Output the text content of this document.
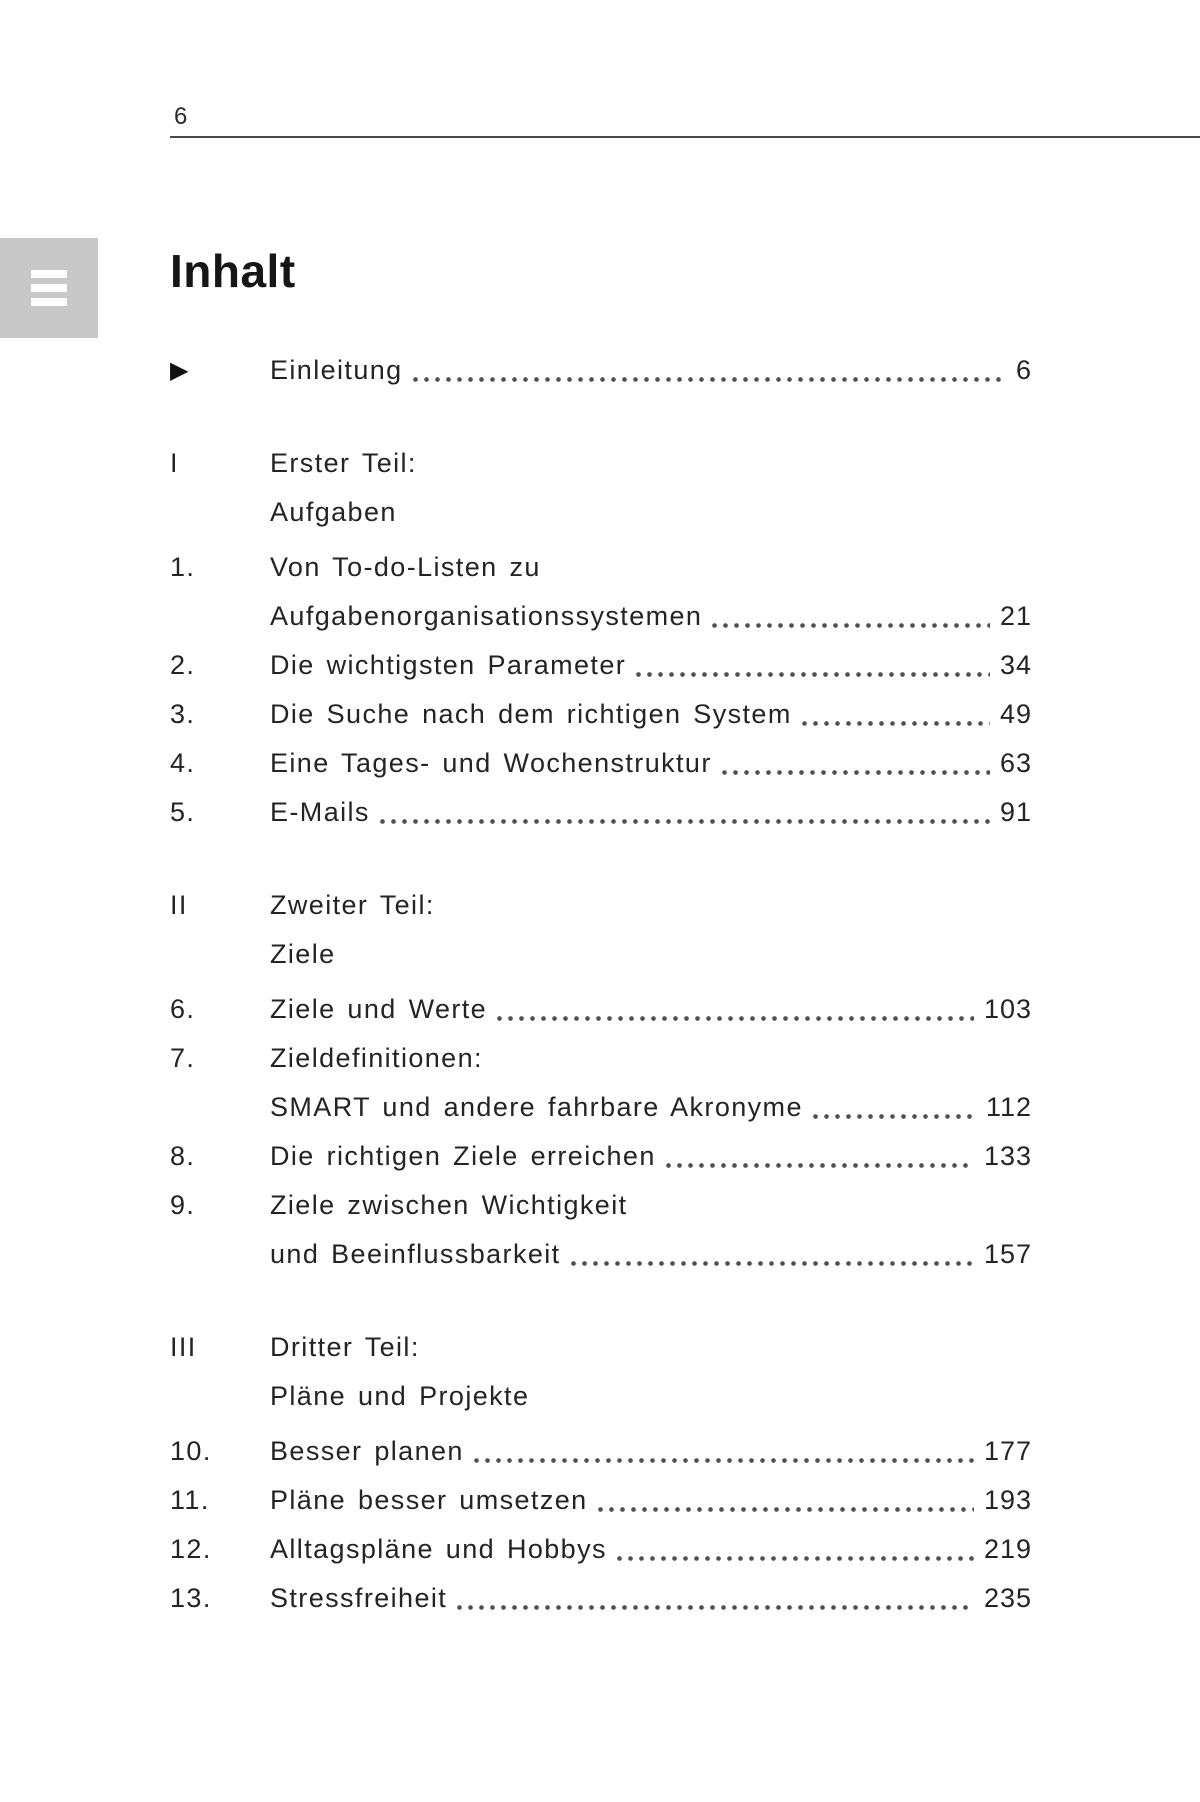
6
Inhalt
▶	Einleitung	6
I	Erster Teil:
Aufgaben
1.	Von To-do-Listen zu
Aufgabenorganisationssystemen	21
2.	Die wichtigsten Parameter	34
3.	Die Suche nach dem richtigen System	49
4.	Eine Tages- und Wochenstruktur	63
5.	E-Mails	91
II	Zweiter Teil:
Ziele
6.	Ziele und Werte	103
7.	Zieldefinitionen:
SMART und andere fahrbare Akronyme	112
8.	Die richtigen Ziele erreichen	133
9.	Ziele zwischen Wichtigkeit
und Beeinflussbarkeit	157
III	Dritter Teil:
Pläne und Projekte
10.	Besser planen	177
11.	Pläne besser umsetzen	193
12.	Alltagspläne und Hobbys	219
13.	Stressfreiheit	235
